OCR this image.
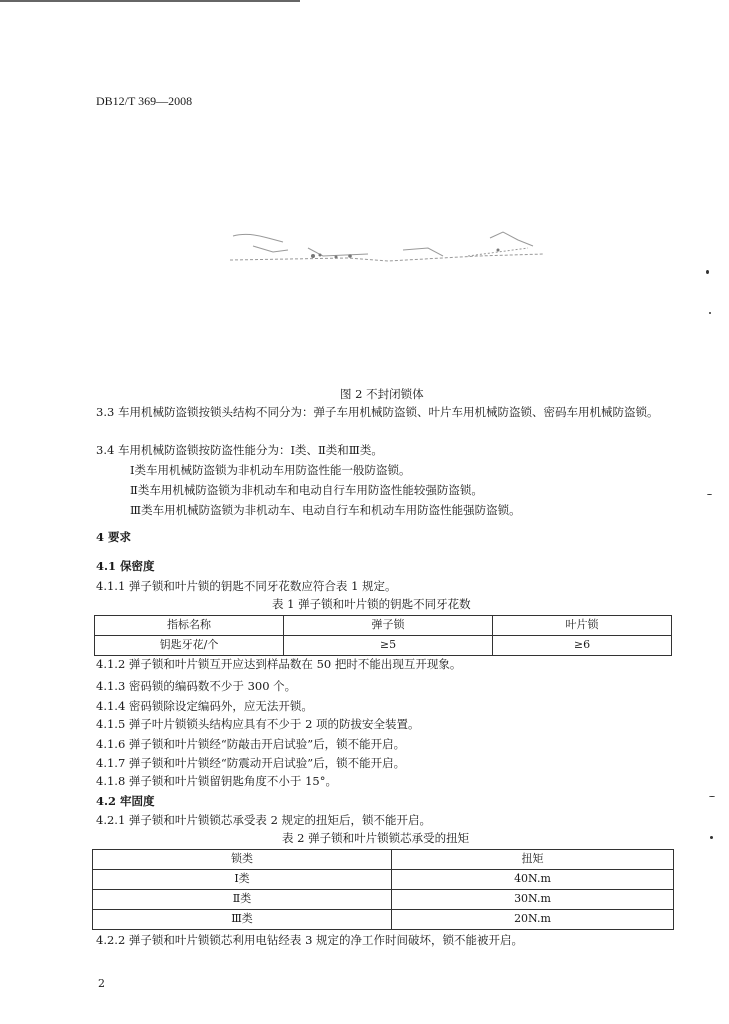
DB12/T 369—2008
图 2 不封闭锁体
3.3 车用机械防盗锁按锁头结构不同分为：弹子车用机械防盗锁、叶片车用机械防盗锁、密码车用机械防盗锁。
3.4 车用机械防盗锁按防盗性能分为：Ⅰ类、Ⅱ类和Ⅲ类。
Ⅰ类车用机械防盗锁为非机动车用防盗性能一般防盗锁。
Ⅱ类车用机械防盗锁为非机动车和电动自行车用防盗性能较强防盗锁。
Ⅲ类车用机械防盗锁为非机动车、电动自行车和机动车用防盗性能强防盗锁。
4 要求
4.1 保密度
4.1.1 弹子锁和叶片锁的钥匙不同牙花数应符合表 1 规定。
表 1 弹子锁和叶片锁的钥匙不同牙花数
指标名称	弹子锁	叶片锁
钥匙牙花/个	≥5	≥6
4.1.2 弹子锁和叶片锁互开应达到样品数在 50 把时不能出现互开现象。
4.1.3 密码锁的编码数不少于 300 个。
4.1.4 密码锁除设定编码外，应无法开锁。
4.1.5 弹子叶片锁锁头结构应具有不少于 2 项的防拔安全装置。
4.1.6 弹子锁和叶片锁经“防敲击开启试验”后，锁不能开启。
4.1.7 弹子锁和叶片锁经“防震动开启试验”后，锁不能开启。
4.1.8 弹子锁和叶片锁留钥匙角度不小于 15°。
4.2 牢固度
4.2.1 弹子锁和叶片锁锁芯承受表 2 规定的扭矩后，锁不能开启。
表 2 弹子锁和叶片锁锁芯承受的扭矩
锁类	扭矩
Ⅰ类	40N.m
Ⅱ类	30N.m
Ⅲ类	20N.m
4.2.2 弹子锁和叶片锁锁芯利用电钻经表 3 规定的净工作时间破坏，锁不能被开启。
2
